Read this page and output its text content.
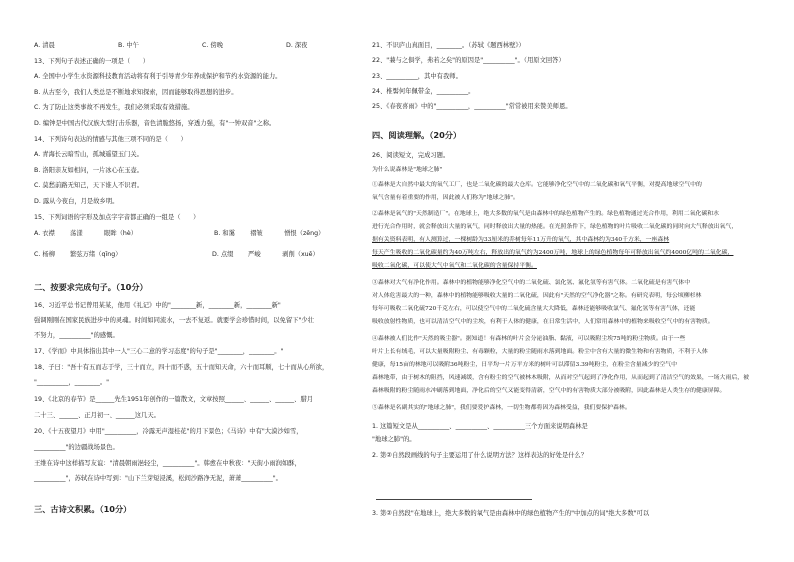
A. 清晨	B. 中午	C. 傍晚	D. 深夜
13、下列句子表述正确的一项是（　　）
A. 全国中小学生水资源科技教育活动将有利于引导青少年养成保护和节约水资源的能力。
B. 从古至今，我们人类总是不断地求知探索，因而能够取得思想的进步。
C. 为了防止这类事故不再发生，我们必须采取有效措施。
D. 编钟是中国古代汉族大型打击乐器，音色清脆悠扬，穿透力强，有"一钟双音"之称。
14、下列诗句表达的情感与其他三项不同的是（　　）
A. 青海长云暗雪山，孤城遥望玉门关。
B. 洛阳亲友如相问，一片冰心在玉壶。
C. 莫愁前路无知己，天下谁人不识君。
D. 露从今夜白，月是故乡明。
15、下列词语的字形及加点字字音都正确的一组是（　　）
A. 衣襟 荡漾	眼眸（hè）	B. 和霭 褶皱	憎恨（zēng）
C. 杨柳 繁弦万绪（qīng）	D. 点缀 严峻	剥削（xuē）
二、按要求完成句子。（10分）
16、习近平总书记曾用某某，他用《礼记》中的"________新，________新，________新"
强调刚刚在国家民族进步中的灵魂。时间如同流水，一去不复返。就要学会珍惜时间，以免留下"少壮
不努力，__________"的感慨。
17、《学而》中具体指出其中一人"三心二意的学习态度"的句子是"________，________。"
18、子曰："吾十有五而志于学，三十而立，四十而不惑，五十而知天命，六十而耳顺，七十而从心所欲，
"__________，________。"
19、《北京的春节》是______先生1951年创作的一篇散文，文章按照______、______、______、腊月
二十三、______、正月初一、______这几天。
20、《十五夜望月》中用"__________，冷露无声湿桂花"的月下景色；《马诗》中有"大漠沙如雪，
__________"的边疆战场景色。
王维在诗中这样描写友谊："清晨朝雨浥轻尘，__________"。韩愈在中秋夜："天街小雨润如酥，
__________"，苏轼在诗中写到："山下兰芽短浸溪，松间沙路净无泥，萧萧__________"。
三、古诗文积累。（10分）
21、不识庐山真面目，________。（苏轼《题西林壁》）
22、"蒹与之俱学，弗若之矣"的原因是"__________"。（用原文回答）
23、__________，其中有我师。
24、椎髻何年佩带金，__________。
25、《春夜喜雨》中的"__________，__________"常常被用来赞美师恩。
四、阅读理解。（20分）
26、阅读短文，完成习题。
为什么说森林是"地球之肺"
①森林是大自然中最大的氧气工厂，也是二氧化碳的最大仓库。它能够净化空气中的二氧化碳和氧气平衡，对提高地球空气中的
氧气含量有着重要的作用，因此被人们称为"地球之肺"。
②森林是氧气的"天然制造厂"。在地球上，绝大多数的氧气是由森林中的绿色植物产生的。绿色植物通过光合作用，利用二氧化碳和水
进行光合作用时，就会释放出大量的氧气，同时释放出大量的热能。在光照条件下，绿色植物的叶片吸收二氧化碳的同时向大气释放出氧气，
据有关资料表明，有人测算过，一棵树龄为33厘米的乔树每年11万升的氧气，其中森林约为340千方米，一座森林
每天产生吸收的二氧化碳量约为40万吨左右，释放出的氧气约为2400万吨，地球上的绿色植物每年可释放出氧气约4000亿吨的二氧化碳，
吸收二氧化碳，可以使大气中氧气和二氧化碳的含量保持平衡。
③森林对大气有净化作用。森林中的植物能够净化空气中的二氧化硫、氯化氢、氟化氢等有害气体。二氧化硫是有害气体中
对人体危害最大的一种，森林中的植物能够吸收大量的二氧化硫，因此有"天然的空气净化器"之称。有研究表明，每公顷柳杉林
每年可吸收二氧化硫720千克左右，可以使空气中的二氧化硫含量大大降低，森林还能够吸收氯气、氟化氢等有害气体，还能
吸收放射性物质，也可以清洁空气中的尘埃，有利于人体的健康，在日常生活中，人们常用森林中的植物来吸收空气中的有害物质。
④森林被人们比作"天然的吸尘器"。据知道！有森林的叶片会分泌油脂、黏液，可以吸附尘埃75吨的粉尘物质。由于一些
叶片上长有绒毛，可以大量吸附粉尘、有毒颗粒，大量的粉尘随雨水落到地面。粉尘中含有大量的微生物和有害物质，不利于人体
健康，每15亩的林地可以吸附36吨粉尘，日平均一片万平方米的树叶可以滞留3.39吨粉尘，在粉尘含量减少的空气中
森林地带，由于树木的阻挡，风速减缓，含有粉尘的空气被林木吸附，从而对空气起到了净化作用，从而起到了清洁空气的效果，一场大雨后，被
森林吸附的粉尘随雨水冲刷落到地面，净化后的空气又能变得清新，空气中的有害物质大部分被吸附，因此森林是人类生存的健康屏障。
⑤森林是名副其实的"地球之肺"，我们要爱护森林，一切生物都将因为森林受益，我们要保护森林。
1. 这篇短文是从__________、__________、__________三个方面来说明森林是
"地球之肺"的。
2. 第②自然段画线的句子主要运用了什么说明方法？这样表达的好处是什么？
3. 第②自然段"在地球上，绝大多数的氧气是由森林中的绿色植物产生的"中加点的词"绝大多数"可以
